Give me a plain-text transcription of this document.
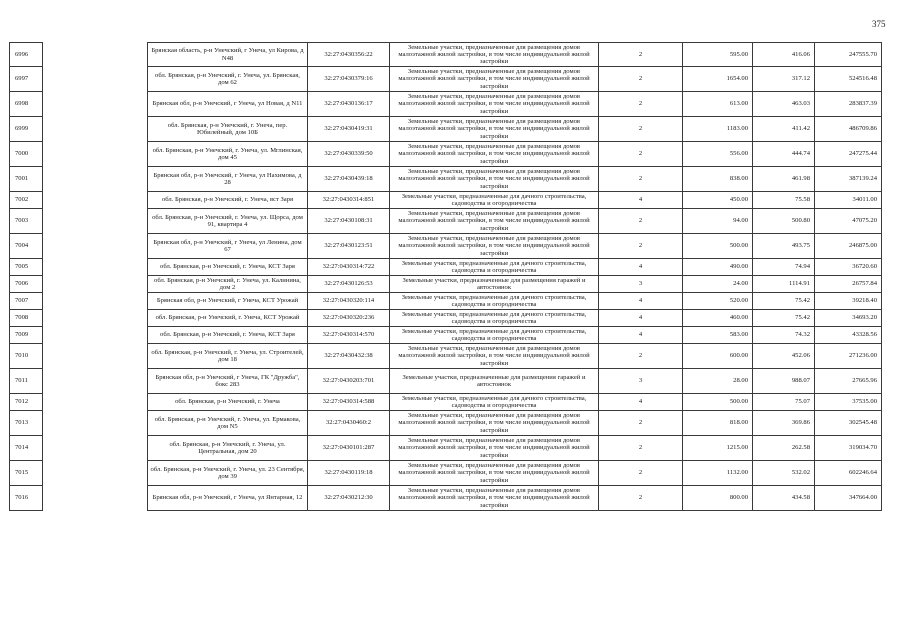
375
6996		Брянская область, р-н Унечский, г Унеча, ул Кирова, д N48	32:27:0430356:22	Земельные участки, предназначенные для размещения домов малоэтажной жилой застройки, в том числе индивидуальной жилой застройки	2	595.00	416.06	247555.70
6997		обл. Брянская, р-н Унечский, г. Унеча, ул. Брянская, дом 62	32:27:0430379:16	Земельные участки, предназначенные для размещения домов малоэтажной жилой застройки, в том числе индивидуальной жилой застройки	2	1654.00	317.12	524516.48
6998		Брянская обл, р-н Унечский, г Унеча, ул Новая, д N11	32:27:0430136:17	Земельные участки, предназначенные для размещения домов малоэтажной жилой застройки, в том числе индивидуальной жилой застройки	2	613.00	463.03	283837.39
6999		обл. Брянская, р-н Унечский, г. Унеча, пер. Юбилейный, дом 10Б	32:27:0430419:31	Земельные участки, предназначенные для размещения домов малоэтажной жилой застройки, в том числе индивидуальной жилой застройки	2	1183.00	411.42	486709.86
7000		обл. Брянская, р-н Унечский, г. Унеча, ул. Мглинская, дом 45	32:27:0430339:50	Земельные участки, предназначенные для размещения домов малоэтажной жилой застройки, в том числе индивидуальной жилой застройки	2	556.00	444.74	247275.44
7001		Брянская обл, р-н Унечский, г Унеча, ул Нахимова, д 28	32:27:0430439:18	Земельные участки, предназначенные для размещения домов малоэтажной жилой застройки, в том числе индивидуальной жилой застройки	2	838.00	461.98	387139.24
7002		обл. Брянская, р-н Унечский, г. Унеча, вст Заря	32:27:0430314:851	Земельные участки, предназначенные для дачного строительства, садоводства и огородничества	4	450.00	75.58	34011.00
7003		обл. Брянская, р-н Унечский, г. Унеча, ул. Щорса, дом 91, квартира 4	32:27:0430108:31	Земельные участки, предназначенные для размещения домов малоэтажной жилой застройки, в том числе индивидуальной жилой застройки	2	94.00	500.80	47075.20
7004		Брянская обл, р-н Унечский, г Унеча, ул Ленина, дом 67	32:27:0430123:51	Земельные участки, предназначенные для размещения домов малоэтажной жилой застройки, в том числе индивидуальной жилой застройки	2	500.00	493.75	246875.00
7005		обл. Брянская, р-н Унечский, г. Унеча, КСТ Заря	32:27:0430314:722	Земельные участки, предназначенные для дачного строительства, садоводства и огородничества	4	490.00	74.94	36720.60
7006		обл. Брянская, р-н Унечский, г. Унеча, ул. Калинина, дом 2	32:27:0430126:53	Земельные участки, предназначенные для размещения гаражей и автостоянок	3	24.00	1114.91	26757.84
7007		Брянская обл, р-н Унечский, г Унеча, КСТ Урожай	32:27:0430320:114	Земельные участки, предназначенные для дачного строительства, садоводства и огородничества	4	520.00	75.42	39218.40
7008		обл. Брянская, р-н Унечский, г. Унеча, КСТ Урожай	32:27:0430320:236	Земельные участки, предназначенные для дачного строительства, садоводства и огородничества	4	460.00	75.42	34693.20
7009		обл. Брянская, р-н Унечский, г. Унеча, КСТ Заря	32:27:0430314:570	Земельные участки, предназначенные для дачного строительства, садоводства и огородничества	4	583.00	74.32	43328.56
7010		обл. Брянская, р-н Унечский, г. Унеча, ул. Строителей, дом 18	32:27:0430432:38	Земельные участки, предназначенные для размещения домов малоэтажной жилой застройки, в том числе индивидуальной жилой застройки	2	600.00	452.06	271236.00
7011		Брянская обл, р-н Унечский, г Унеча, ГК "Дружба", бокс 283	32:27:0430203:701	Земельные участки, предназначенные для размещения гаражей и автостоянок	3	28.00	988.07	27665.96
7012		обл. Брянская, р-н Унечский, г. Унеча	32:27:0430314:588	Земельные участки, предназначенные для дачного строительства, садоводства и огородничества	4	500.00	75.07	37535.00
7013		обл. Брянская, р-н Унечский, г. Унеча, ул. Ермакова, дом N5	32:27:0430460:2	Земельные участки, предназначенные для размещения домов малоэтажной жилой застройки, в том числе индивидуальной жилой застройки	2	818.00	369.86	302545.48
7014		обл. Брянская, р-н Унечский, г. Унеча, ул. Центральная, дом 20	32:27:0430101:287	Земельные участки, предназначенные для размещения домов малоэтажной жилой застройки, в том числе индивидуальной жилой застройки	2	1215.00	262.58	319034.70
7015		обл. Брянская, р-н Унечский, г. Унеча, ул. 23 Сентября, дом 39	32:27:0430119:18	Земельные участки, предназначенные для размещения домов малоэтажной жилой застройки, в том числе индивидуальной жилой застройки	2	1132.00	532.02	602246.64
7016		Брянская обл, р-н Унечский, г Унеча, ул Янтарная, 12	32:27:0430212:30	Земельные участки, предназначенные для размещения домов малоэтажной жилой застройки, в том числе индивидуальной жилой застройки	2	800.00	434.58	347664.00
